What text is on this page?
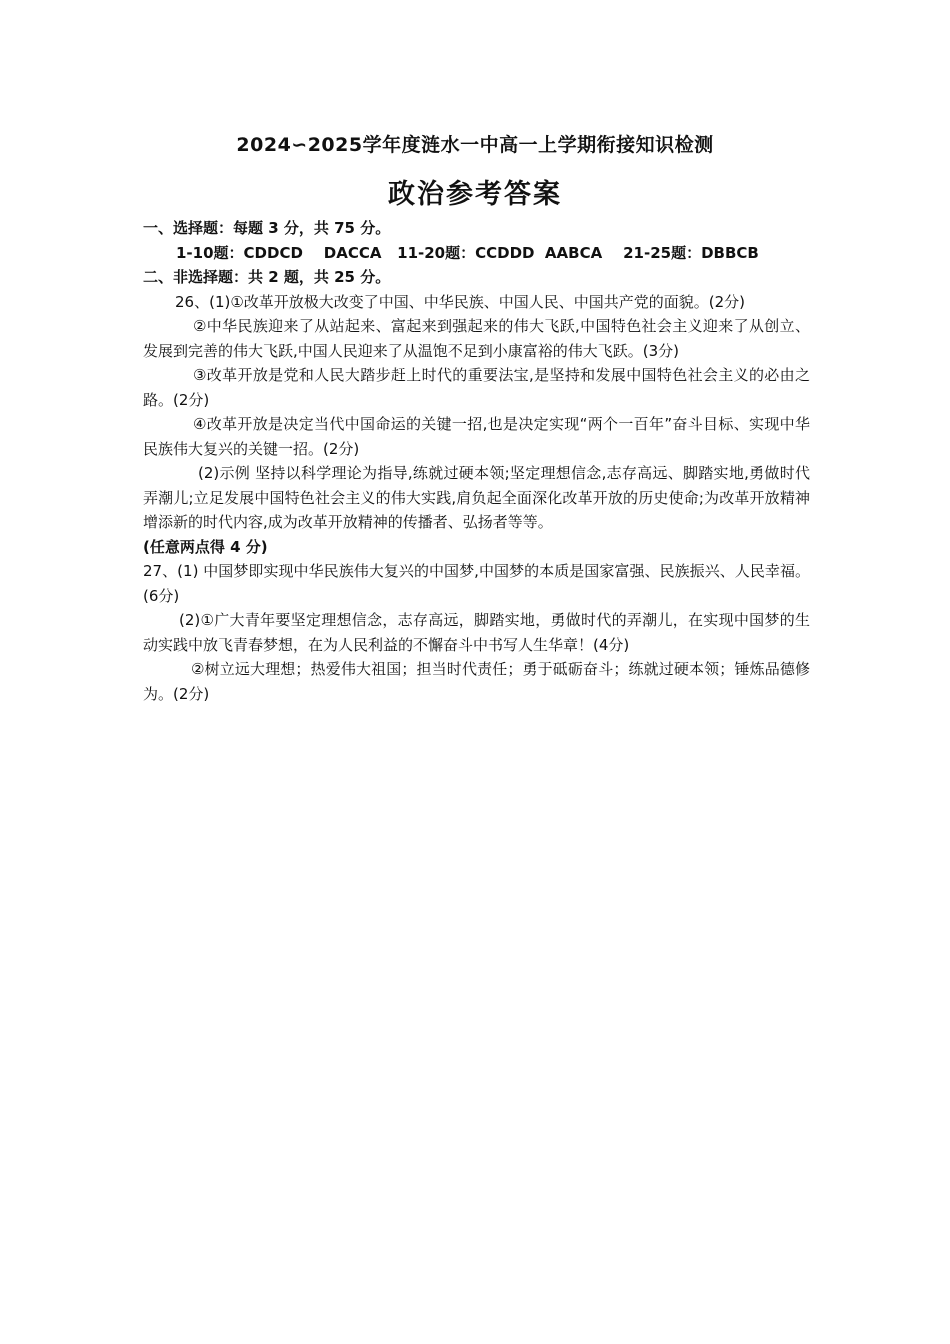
2024∽2025学年度涟水一中高一上学期衔接知识检测
政治参考答案

一、选择题：每题 3 分，共 75 分。

1-10题：CDDCD    DACCA   11-20题：CCDDD  AABCA    21-25题：DBBCB

二、非选择题：共 2 题，共 25 分。

26、(1)①改革开放极大改变了中国、中华民族、中国人民、中国共产党的面貌。(2分)

②中华民族迎来了从站起来、富起来到强起来的伟大飞跃,中国特色社会主义迎来了从创立、发展到完善的伟大飞跃,中国人民迎来了从温饱不足到小康富裕的伟大飞跃。(3分)

③改革开放是党和人民大踏步赶上时代的重要法宝,是坚持和发展中国特色社会主义的必由之路。(2分)

④改革开放是决定当代中国命运的关键一招,也是决定实现“两个一百年”奋斗目标、实现中华民族伟大复兴的关键一招。(2分)

(2)示例 坚持以科学理论为指导,练就过硬本领;坚定理想信念,志存高远、脚踏实地,勇做时代弄潮儿;立足发展中国特色社会主义的伟大实践,肩负起全面深化改革开放的历史使命;为改革开放精神增添新的时代内容,成为改革开放精神的传播者、弘扬者等等。

(任意两点得 4 分)

27、(1) 中国梦即实现中华民族伟大复兴的中国梦,中国梦的本质是国家富强、民族振兴、人民幸福。(6分)

(2)①广大青年要坚定理想信念，志存高远，脚踏实地，勇做时代的弄潮儿，在实现中国梦的生动实践中放飞青春梦想，在为人民利益的不懈奋斗中书写人生华章！(4分)

②树立远大理想；热爱伟大祖国；担当时代责任；勇于砥砺奋斗；练就过硬本领；锤炼品德修为。(2分)
